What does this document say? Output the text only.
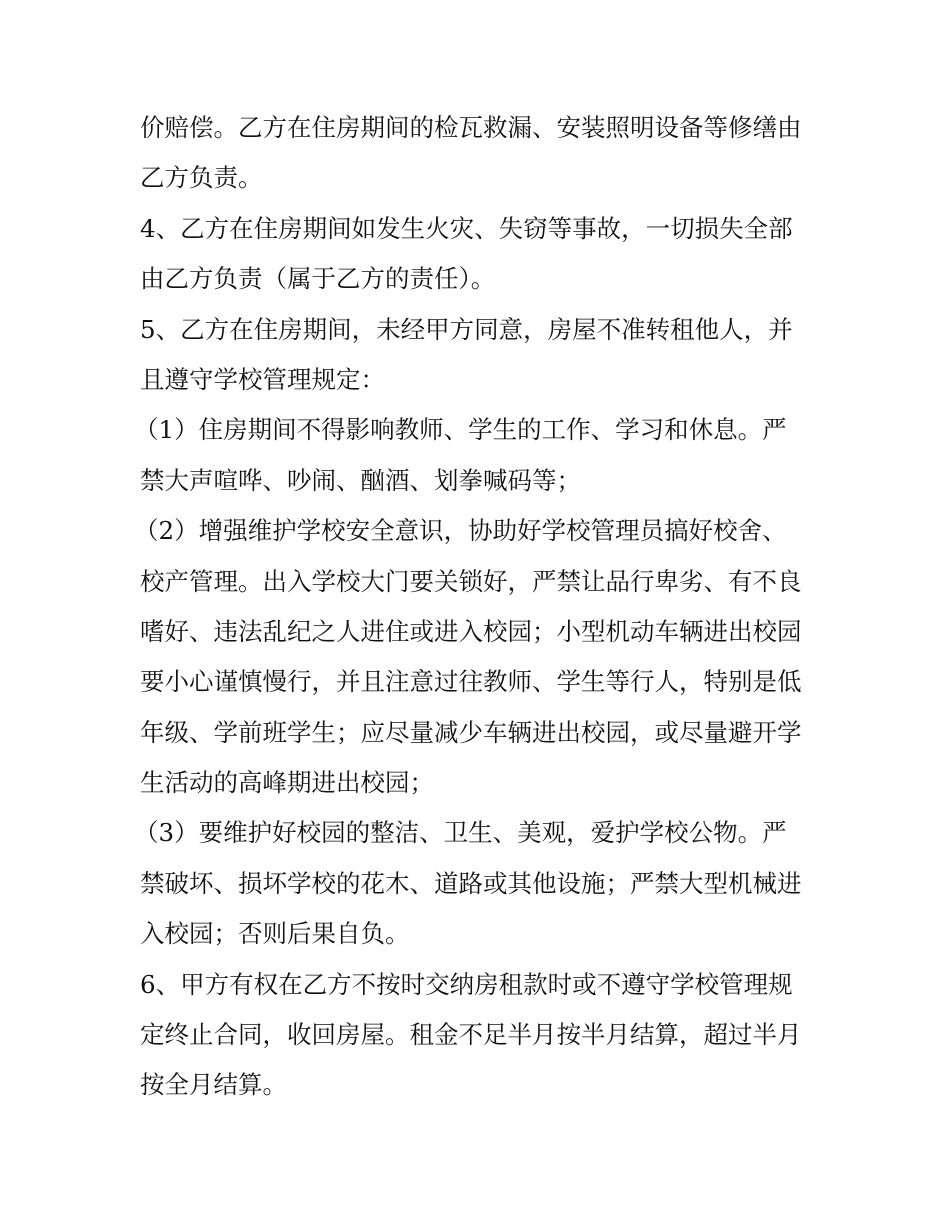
价赔偿。乙方在住房期间的检瓦救漏、安装照明设备等修缮由
乙方负责。
4、乙方在住房期间如发生火灾、失窃等事故，一切损失全部
由乙方负责（属于乙方的责任）。
5、乙方在住房期间，未经甲方同意，房屋不准转租他人，并
且遵守学校管理规定：
（1）住房期间不得影响教师、学生的工作、学习和休息。严
禁大声喧哗、吵闹、酗酒、划拳喊码等；
（2）增强维护学校安全意识，协助好学校管理员搞好校舍、
校产管理。出入学校大门要关锁好，严禁让品行卑劣、有不良
嗜好、违法乱纪之人进住或进入校园；小型机动车辆进出校园
要小心谨慎慢行，并且注意过往教师、学生等行人，特别是低
年级、学前班学生；应尽量减少车辆进出校园，或尽量避开学
生活动的高峰期进出校园；
（3）要维护好校园的整洁、卫生、美观，爱护学校公物。严
禁破坏、损坏学校的花木、道路或其他设施；严禁大型机械进
入校园；否则后果自负。
6、甲方有权在乙方不按时交纳房租款时或不遵守学校管理规
定终止合同，收回房屋。租金不足半月按半月结算，超过半月
按全月结算。
